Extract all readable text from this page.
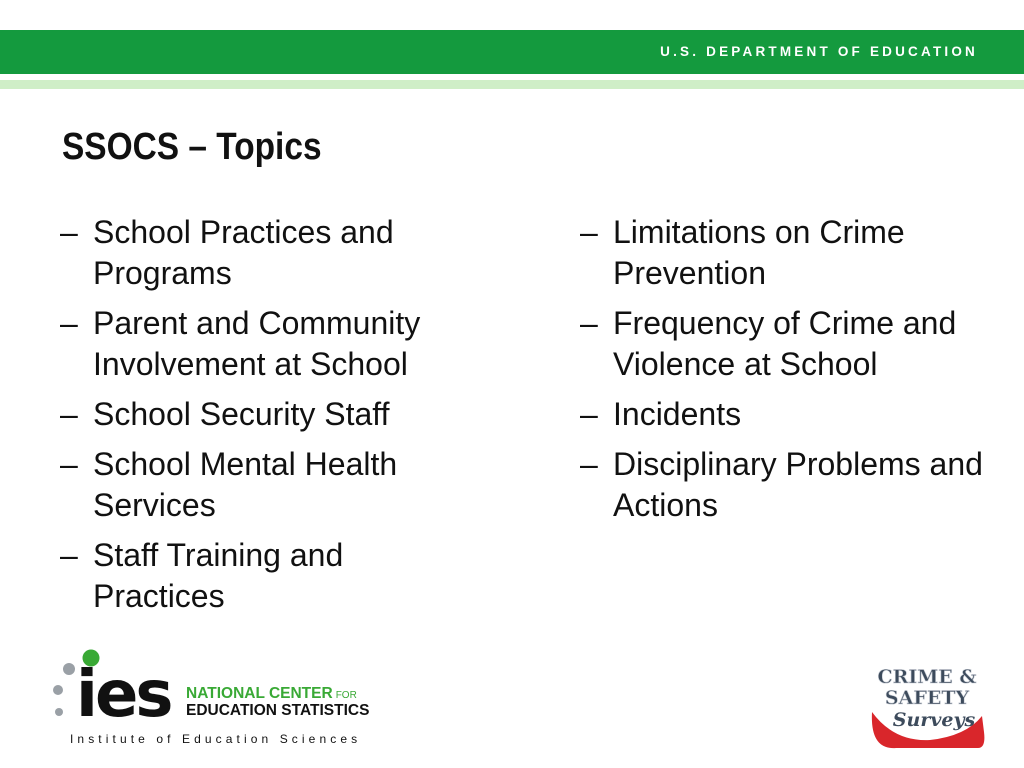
U.S. DEPARTMENT OF EDUCATION
SSOCS – Topics
– School Practices and Programs
– Parent and Community Involvement at School
– School Security Staff
– School Mental Health Services
– Staff Training and Practices
– Limitations on Crime Prevention
– Frequency of Crime and Violence at School
– Incidents
– Disciplinary Problems and Actions
ies NATIONAL CENTER FOR
EDUCATION STATISTICS
Institute of Education Sciences
CRIME &
SAFETY
Surveys
